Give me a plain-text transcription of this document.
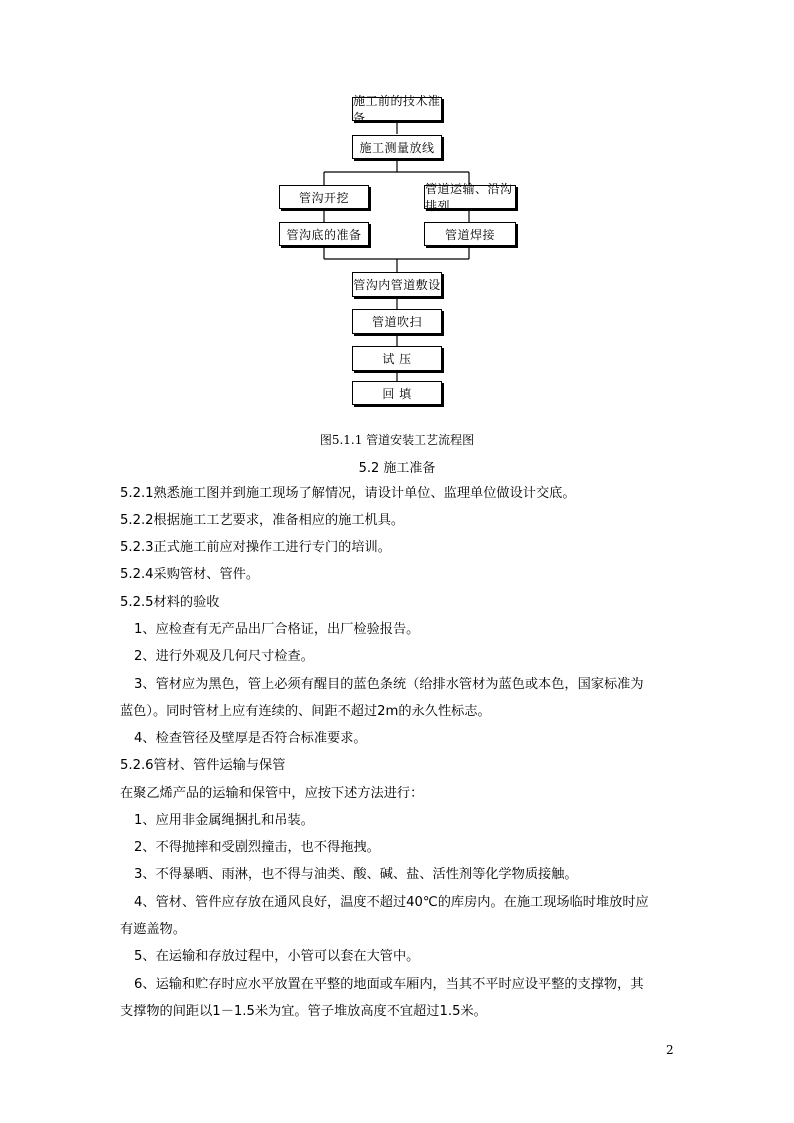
施工前的技术准备
施工测量放线
管沟开挖
管沟底的准备
管道运输、沿沟排列
管道焊接
管沟内管道敷设
管道吹扫
试 压
回 填
图5.1.1 管道安装工艺流程图
5.2 施工准备
5.2.1熟悉施工图并到施工现场了解情况，请设计单位、监理单位做设计交底。
5.2.2根据施工工艺要求，准备相应的施工机具。
5.2.3正式施工前应对操作工进行专门的培训。
5.2.4采购管材、管件。
5.2.5材料的验收
1、应检查有无产品出厂合格证，出厂检验报告。
2、进行外观及几何尺寸检查。
3、管材应为黑色，管上必须有醒目的蓝色条统（给排水管材为蓝色或本色，国家标准为
蓝色）。同时管材上应有连续的、间距不超过2m的永久性标志。
4、检查管径及壁厚是否符合标准要求。
5.2.6管材、管件运输与保管
在聚乙烯产品的运输和保管中，应按下述方法进行：
1、应用非金属绳捆扎和吊装。
2、不得抛摔和受剧烈撞击，也不得拖拽。
3、不得暴晒、雨淋，也不得与油类、酸、碱、盐、活性剂等化学物质接触。
4、管材、管件应存放在通风良好，温度不超过40℃的库房内。在施工现场临时堆放时应
有遮盖物。
5、在运输和存放过程中，小管可以套在大管中。
6、运输和贮存时应水平放置在平整的地面或车厢内，当其不平时应设平整的支撑物，其
支撑物的间距以1－1.5米为宜。管子堆放高度不宜超过1.5米。
2
